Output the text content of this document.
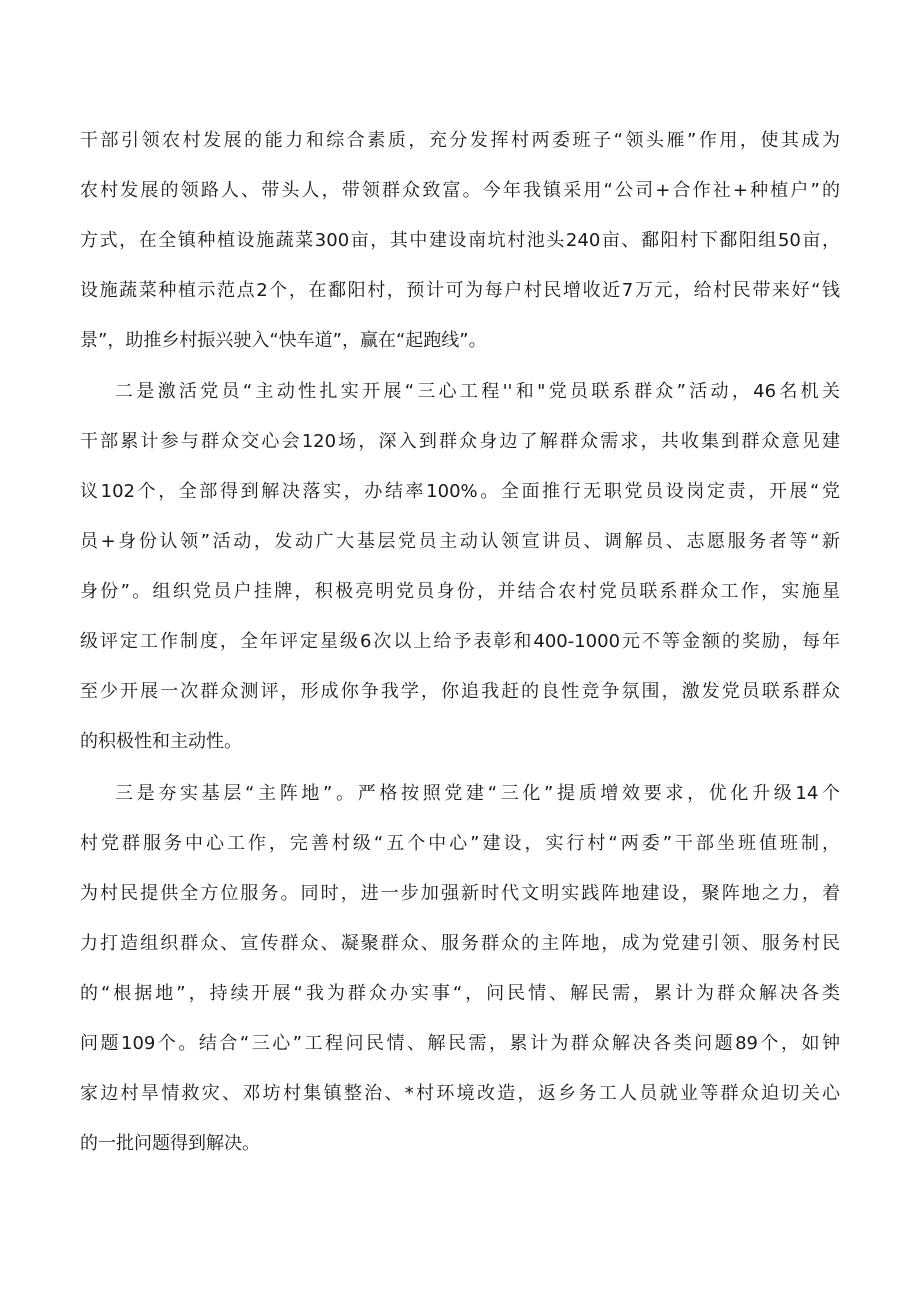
干部引领农村发展的能力和综合素质，充分发挥村两委班子“领头雁”作用，使其成为

农村发展的领路人、带头人，带领群众致富。今年我镇采用“公司+合作社+种植户”的

方式，在全镇种植设施蔬菜300亩，其中建设南坑村池头240亩、鄱阳村下鄱阳组50亩，

设施蔬菜种植示范点2个，在鄱阳村，预计可为每户村民增收近7万元，给村民带来好“钱

景”，助推乡村振兴驶入“快车道”，赢在“起跑线”。

二是激活党员“主动性扎实开展“三心工程''和"党员联系群众”活动，46名机关

干部累计参与群众交心会120场，深入到群众身边了解群众需求，共收集到群众意见建

议102个，全部得到解决落实，办结率100%。全面推行无职党员设岗定责，开展“党

员+身份认领”活动，发动广大基层党员主动认领宣讲员、调解员、志愿服务者等“新

身份”。组织党员户挂牌，积极亮明党员身份，并结合农村党员联系群众工作，实施星

级评定工作制度，全年评定星级6次以上给予表彰和400-1000元不等金额的奖励，每年

至少开展一次群众测评，形成你争我学，你追我赶的良性竞争氛围，激发党员联系群众

的积极性和主动性。

三是夯实基层“主阵地”。严格按照党建“三化”提质增效要求，优化升级14个

村党群服务中心工作，完善村级“五个中心”建设，实行村“两委”干部坐班值班制，

为村民提供全方位服务。同时，进一步加强新时代文明实践阵地建设，聚阵地之力，着

力打造组织群众、宣传群众、凝聚群众、服务群众的主阵地，成为党建引领、服务村民

的“根据地”，持续开展“我为群众办实事“，问民情、解民需，累计为群众解决各类

问题109个。结合“三心”工程问民情、解民需，累计为群众解决各类问题89个，如钟

家边村旱情救灾、邓坊村集镇整治、*村环境改造，返乡务工人员就业等群众迫切关心

的一批问题得到解决。
